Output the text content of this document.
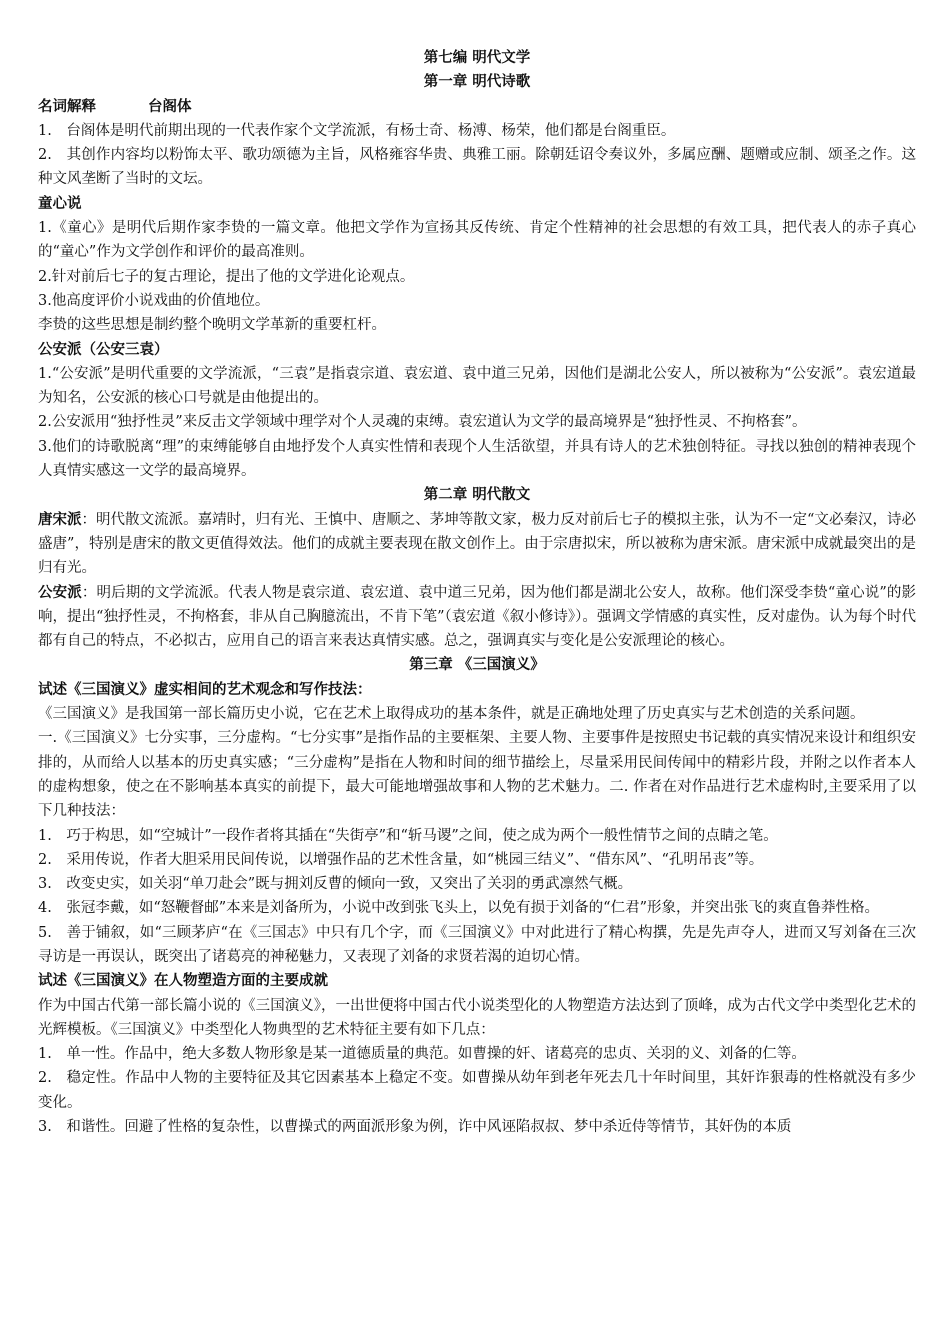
第七编 明代文学

第一章 明代诗歌

名词解释	台阁体

1.　台阁体是明代前期出现的一代表作家个文学流派，有杨士奇、杨溥、杨荣，他们都是台阁重臣。

2.　其创作内容均以粉饰太平、歌功颂德为主旨，风格雍容华贵、典雅工丽。除朝廷诏令奏议外，多属应酬、题赠或应制、颂圣之作。这种文风垄断了当时的文坛。

童心说

1.《童心》是明代后期作家李贽的一篇文章。他把文学作为宣扬其反传统、肯定个性精神的社会思想的有效工具，把代表人的赤子真心的“童心”作为文学创作和评价的最高准则。

2.针对前后七子的复古理论，提出了他的文学进化论观点。

3.他高度评价小说戏曲的价值地位。

李贽的这些思想是制约整个晚明文学革新的重要杠杆。

公安派（公安三袁）

1.“公安派”是明代重要的文学流派，“三袁”是指袁宗道、袁宏道、袁中道三兄弟，因他们是湖北公安人，所以被称为“公安派”。袁宏道最为知名，公安派的核心口号就是由他提出的。

2.公安派用“独抒性灵”来反击文学领域中理学对个人灵魂的束缚。袁宏道认为文学的最高境界是“独抒性灵、不拘格套”。

3.他们的诗歌脱离“理”的束缚能够自由地抒发个人真实性情和表现个人生活欲望，并具有诗人的艺术独创特征。寻找以独创的精神表现个人真情实感这一文学的最高境界。

第二章 明代散文

唐宋派：明代散文流派。嘉靖时，归有光、王慎中、唐顺之、茅坤等散文家，极力反对前后七子的模拟主张，认为不一定“文必秦汉，诗必盛唐”，特别是唐宋的散文更值得效法。他们的成就主要表现在散文创作上。由于宗唐拟宋，所以被称为唐宋派。唐宋派中成就最突出的是归有光。

公安派：明后期的文学流派。代表人物是袁宗道、袁宏道、袁中道三兄弟，因为他们都是湖北公安人，故称。他们深受李贽“童心说”的影响，提出“独抒性灵，不拘格套，非从自己胸臆流出，不肯下笔”（袁宏道《叙小修诗》）。强调文学情感的真实性，反对虚伪。认为每个时代都有自己的特点，不必拟古，应用自己的语言来表达真情实感。总之，强调真实与变化是公安派理论的核心。

第三章 《三国演义》

试述《三国演义》虚实相间的艺术观念和写作技法：

《三国演义》是我国第一部长篇历史小说，它在艺术上取得成功的基本条件，就是正确地处理了历史真实与艺术创造的关系问题。

一.《三国演义》七分实事，三分虚构。“七分实事”是指作品的主要框架、主要人物、主要事件是按照史书记载的真实情况来设计和组织安排的，从而给人以基本的历史真实感；“三分虚构”是指在人物和时间的细节描绘上，尽量采用民间传闻中的精彩片段，并附之以作者本人的虚构想象，使之在不影响基本真实的前提下，最大可能地增强故事和人物的艺术魅力。二. 作者在对作品进行艺术虚构时,主要采用了以下几种技法：

1.　巧于构思，如“空城计”一段作者将其插在“失街亭”和“斩马谡”之间，使之成为两个一般性情节之间的点睛之笔。

2.　采用传说，作者大胆采用民间传说，以增强作品的艺术性含量，如“桃园三结义”、“借东风”、“孔明吊丧”等。

3.　改变史实，如关羽“单刀赴会”既与拥刘反曹的倾向一致，又突出了关羽的勇武凛然气概。

4.　张冠李戴，如“怒鞭督邮”本来是刘备所为，小说中改到张飞头上，以免有损于刘备的“仁君”形象，并突出张飞的爽直鲁莽性格。

5.　善于铺叙，如“三顾茅庐“在《三国志》中只有几个字，而《三国演义》中对此进行了精心构撰，先是先声夺人，进而又写刘备在三次寻访是一再误认，既突出了诸葛亮的神秘魅力，又表现了刘备的求贤若渴的迫切心情。

试述《三国演义》在人物塑造方面的主要成就

作为中国古代第一部长篇小说的《三国演义》，一出世便将中国古代小说类型化的人物塑造方法达到了顶峰，成为古代文学中类型化艺术的光辉模板。《三国演义》中类型化人物典型的艺术特征主要有如下几点：

1.　单一性。作品中，绝大多数人物形象是某一道德质量的典范。如曹操的奸、诸葛亮的忠贞、关羽的义、刘备的仁等。

2.　稳定性。作品中人物的主要特征及其它因素基本上稳定不变。如曹操从幼年到老年死去几十年时间里，其奸诈狠毒的性格就没有多少变化。

3.　和谐性。回避了性格的复杂性，以曹操式的两面派形象为例，诈中风诬陷叔叔、梦中杀近侍等情节，其奸伪的本质
